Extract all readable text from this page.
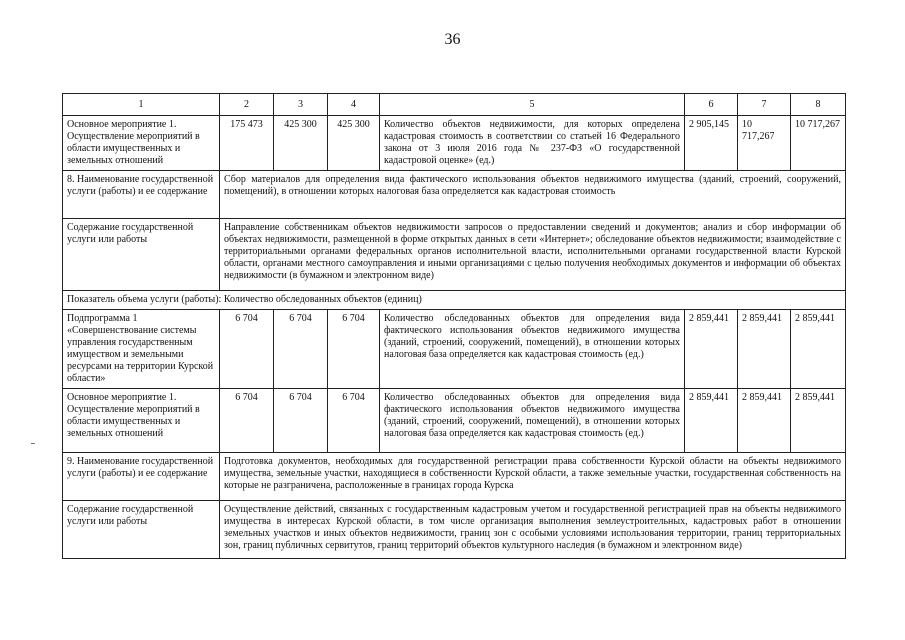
36
1	2	3	4	5	6	7	8
Основное мероприятие 1. Осуществление мероприятий в области имущественных и земельных отношений	175 473	425 300	425 300	Количество объектов недвижимости, для которых определена кадастровая стоимость в соответствии со статьей 16 Федерального закона от 3 июля 2016 года № 237-ФЗ «О государственной кадастровой оценке» (ед.)	2 905,145	10 717,267	10 717,267
8. Наименование государственной услуги (работы) и ее содержание	Сбор материалов для определения вида фактического использования объектов недвижимого имущества (зданий, строений, сооружений, помещений), в отношении которых налоговая база определяется как кадастровая стоимость						
Содержание государственной услуги или работы	Направление собственникам объектов недвижимости запросов о предоставлении сведений и документов; анализ и сбор информации об объектах недвижимости, размещенной в форме открытых данных в сети «Интернет»; обследование объектов недвижимости; взаимодействие с территориальными органами федеральных органов исполнительной власти, исполнительными органами государственной власти Курской области, органами местного самоуправления и иными организациями с целью получения необходимых документов и информации об объектах недвижимости (в бумажном и электронном виде)						
Показатель объема услуги (работы): Количество обследованных объектов (единиц)							
Подпрограмма 1 «Совершенствование системы управления государственным имуществом и земельными ресурсами на территории Курской области»	6 704	6 704	6 704	Количество обследованных объектов для определения вида фактического использования объектов недвижимого имущества (зданий, строений, сооружений, помещений), в отношении которых налоговая база определяется как кадастровая стоимость (ед.)	2 859,441	2 859,441	2 859,441
Основное мероприятие 1. Осуществление мероприятий в области имущественных и земельных отношений	6 704	6 704	6 704	Количество обследованных объектов для определения вида фактического использования объектов недвижимого имущества (зданий, строений, сооружений, помещений), в отношении которых налоговая база определяется как кадастровая стоимость (ед.)	2 859,441	2 859,441	2 859,441
9. Наименование государственной услуги (работы) и ее содержание	Подготовка документов, необходимых для государственной регистрации права собственности Курской области на объекты недвижимого имущества, земельные участки, находящиеся в собственности Курской области, а также земельные участки, государственная собственность на которые не разграничена, расположенные в границах города Курска						
Содержание государственной услуги или работы	Осуществление действий, связанных с государственным кадастровым учетом и государственной регистрацией прав на объекты недвижимого имущества в интересах Курской области, в том числе организация выполнения землеустроительных, кадастровых работ в отношении земельных участков и иных объектов недвижимости, границ зон с особыми условиями использования территории, границ территориальных зон, границ публичных сервитутов, границ территорий объектов культурного наследия (в бумажном и электронном виде)						
